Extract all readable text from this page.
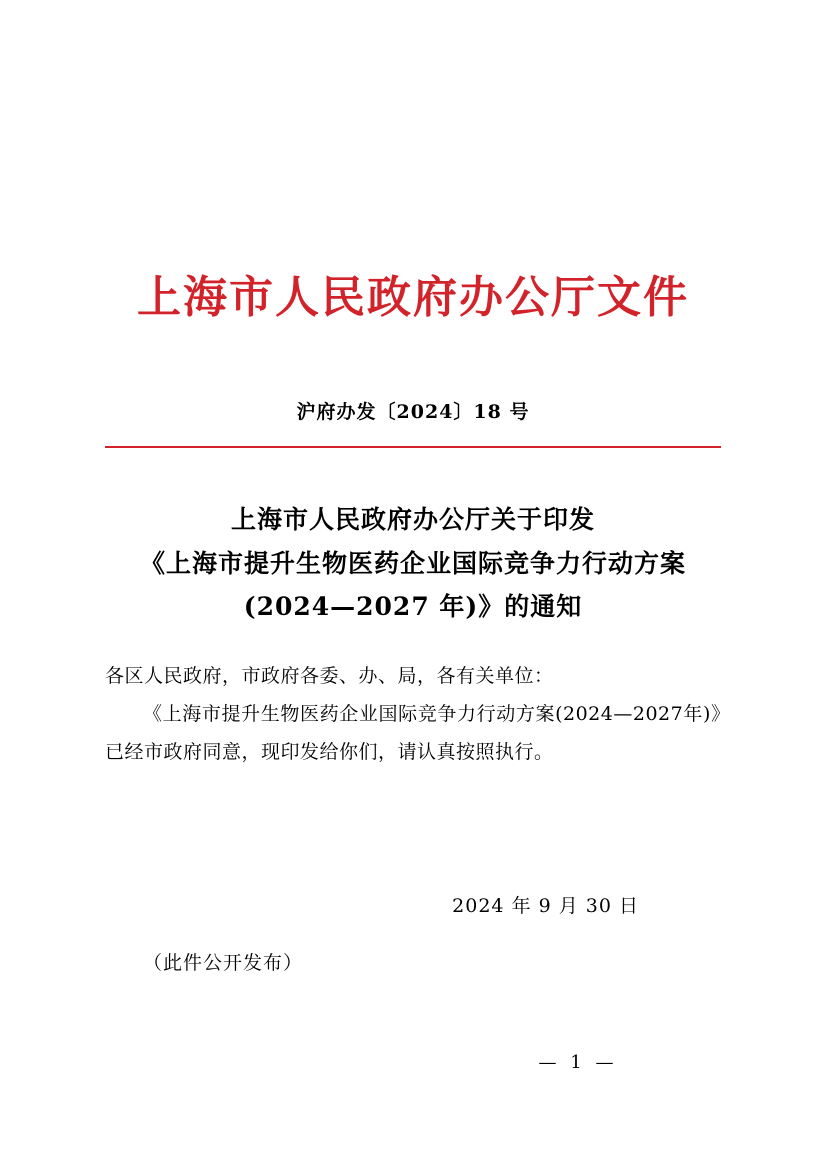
上海市人民政府办公厅文件
沪府办发〔2024〕18 号
上海市人民政府办公厅关于印发
《上海市提升生物医药企业国际竞争力行动方案
(2024—2027 年)》的通知
各区人民政府，市政府各委、办、局，各有关单位：
《上海市提升生物医药企业国际竞争力行动方案(2024—2027年)》已经市政府同意，现印发给你们，请认真按照执行。
2024 年 9 月 30 日
（此件公开发布）
— 1 —
